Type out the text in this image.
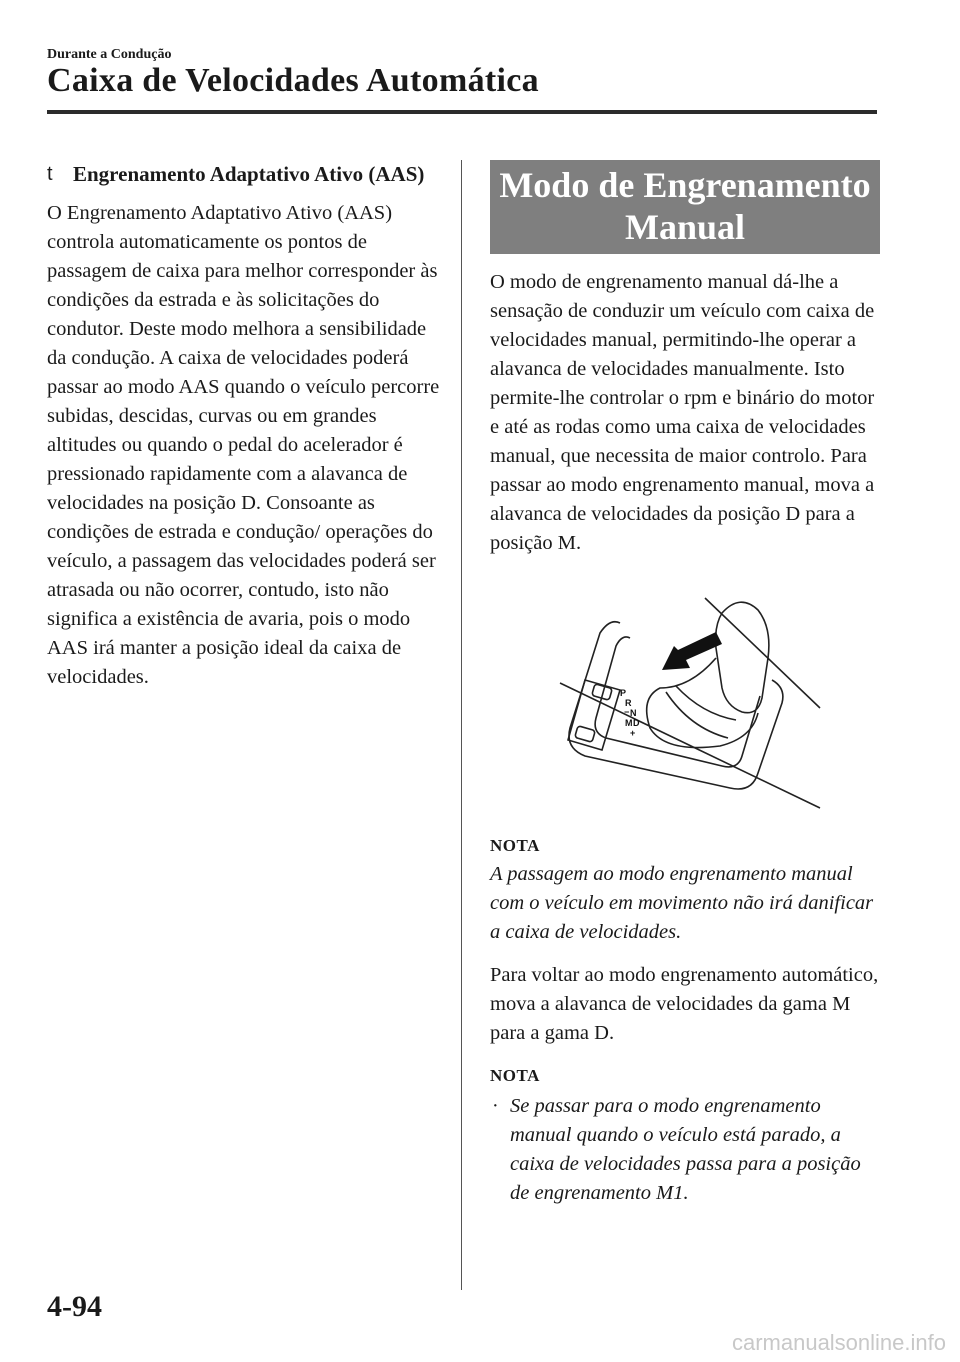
Durante a Condução
Caixa de Velocidades Automática
t Engrenamento Adaptativo Ativo (AAS)

O Engrenamento Adaptativo Ativo (AAS) controla automaticamente os pontos de passagem de caixa para melhor corresponder às condições da estrada e às solicitações do condutor. Deste modo melhora a sensibilidade da condução. A caixa de velocidades poderá passar ao modo AAS quando o veículo percorre subidas, descidas, curvas ou em grandes altitudes ou quando o pedal do acelerador é pressionado rapidamente com a alavanca de velocidades na posição D. Consoante as condições de estrada e condução/ operações do veículo, a passagem das velocidades poderá ser atrasada ou não ocorrer, contudo, isto não significa a existência de avaria, pois o modo AAS irá manter a posição ideal da caixa de velocidades.

Modo de Engrenamento Manual

O modo de engrenamento manual dá-lhe a sensação de conduzir um veículo com caixa de velocidades manual, permitindo-lhe operar a alavanca de velocidades manualmente. Isto permite-lhe controlar o rpm e binário do motor e até as rodas como uma caixa de velocidades manual, que necessita de maior controlo. Para passar ao modo engrenamento manual, mova a alavanca de velocidades da posição D para a posição M.

P
R
N
−
D
M
+
NOTA

A passagem ao modo engrenamento manual com o veículo em movimento não irá danificar a caixa de velocidades.

Para voltar ao modo engrenamento automático, mova a alavanca de velocidades da gama M para a gama D.

NOTA
· Se passar para o modo engrenamento manual quando o veículo está parado, a caixa de velocidades passa para a posição de engrenamento M1.
4-94
carmanualsonline.info
